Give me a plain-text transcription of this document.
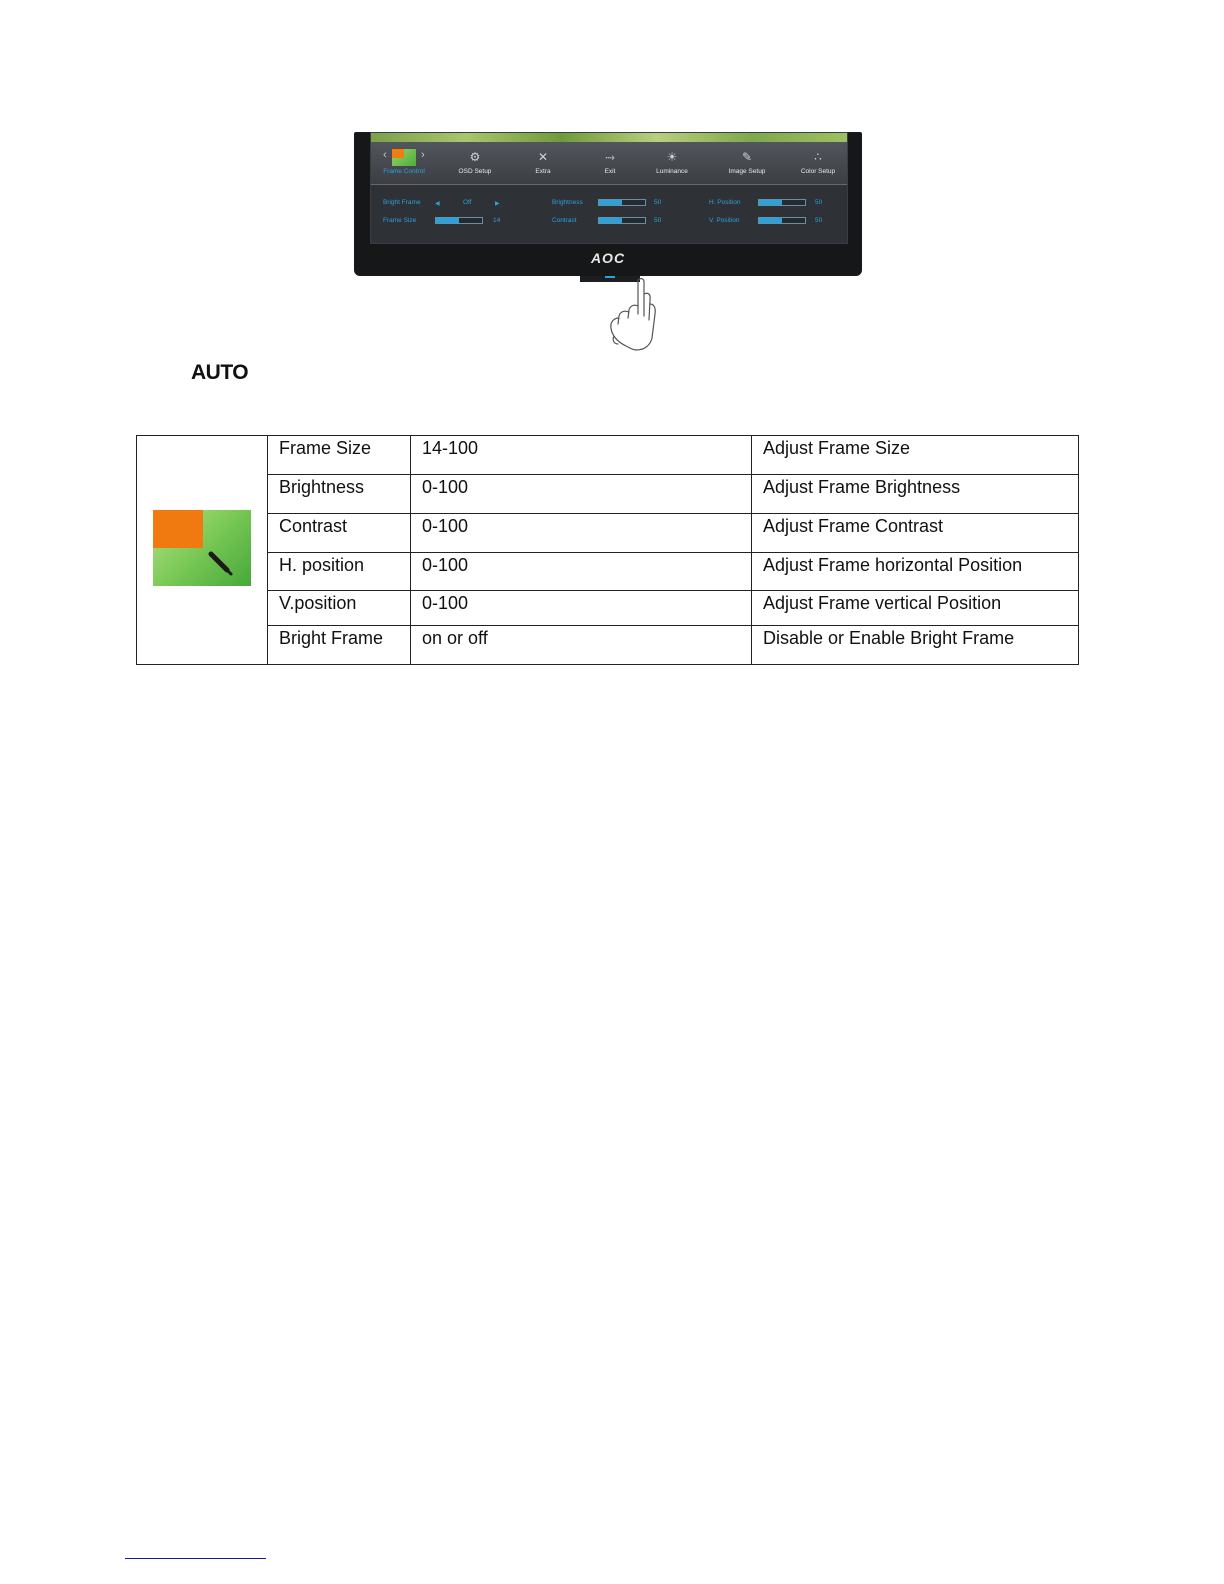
‹	›
Frame Control
⚙
OSD Setup
✕
Extra
⤑
Exit
☀
Luminance
✎
Image Setup
∴
Color Setup
Bright Frame ◀	Off	▶
Frame Size	14
Brightness	50
Contrast	50
H. Position	50
V. Position	50
AOC
AUTO
	Frame Size	14-100	Adjust Frame Size
	Brightness	0-100	Adjust Frame Brightness
	Contrast	0-100	Adjust Frame Contrast
	H. position	0-100	Adjust Frame horizontal Position
	V.position	0-100	Adjust Frame vertical Position
	Bright Frame	on or off	Disable or Enable Bright Frame
